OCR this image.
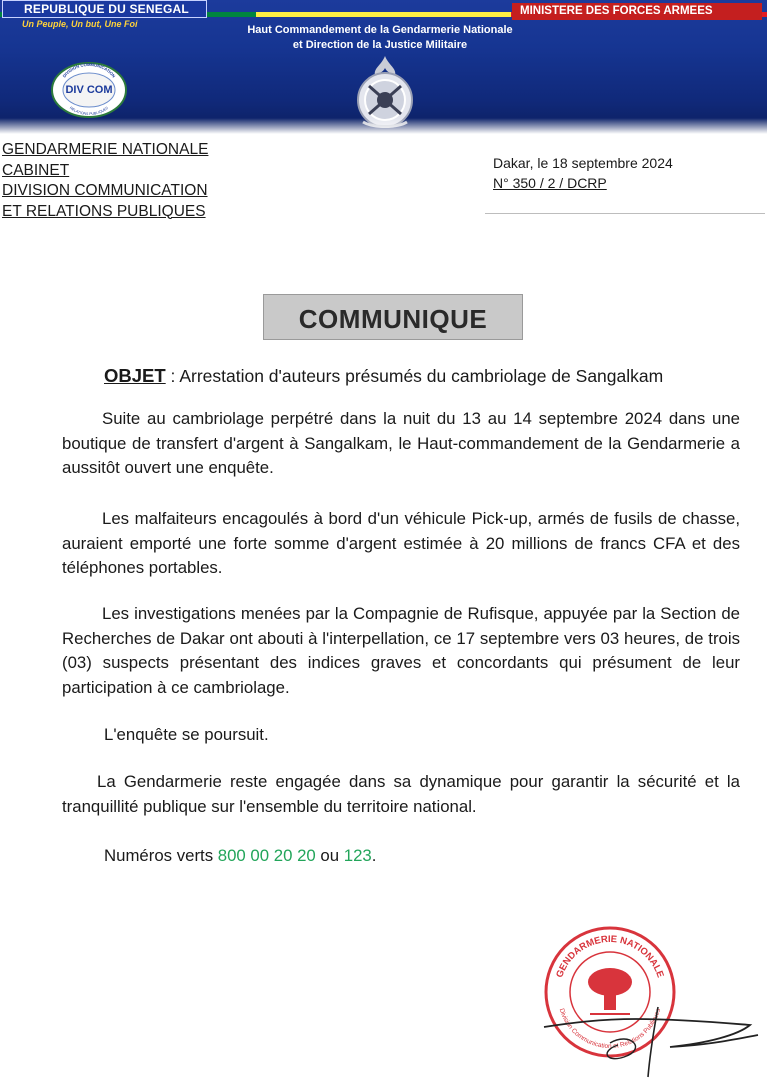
REPUBLIQUE DU SENEGAL
Un Peuple, Un but, Une Foi
MINISTERE DES FORCES ARMEES
Haut Commandement de la Gendarmerie Nationale
et Direction de la Justice Militaire
DIVISION COMMUNICATION
RELATIONS PUBLIQUES
DIV COM
GENDARMERIE NATIONALE
CABINET
DIVISION COMMUNICATION
ET RELATIONS PUBLIQUES
Dakar, le 18 septembre 2024
N° 350 / 2 / DCRP
COMMUNIQUE
OBJET : Arrestation d'auteurs présumés du cambriolage de Sangalkam

Suite au cambriolage perpétré dans la nuit du 13 au 14 septembre 2024 dans une boutique de transfert d'argent à Sangalkam, le Haut-commandement de la Gendarmerie a aussitôt ouvert une enquête.

Les malfaiteurs encagoulés à bord d'un véhicule Pick-up, armés de fusils de chasse, auraient emporté une forte somme d'argent estimée à 20 millions de francs CFA et des téléphones portables.

Les investigations menées par la Compagnie de Rufisque, appuyée par la Section de Recherches de Dakar ont abouti à l'interpellation, ce 17 septembre vers 03 heures, de trois (03) suspects présentant des indices graves et concordants qui présument de leur participation à ce cambriolage.

L'enquête se poursuit.

La Gendarmerie reste engagée dans sa dynamique pour garantir la sécurité et la tranquillité publique sur l'ensemble du territoire national.

Numéros verts 800 00 20 20 ou 123.

GENDARMERIE NATIONALE
Division Communication et Relations Publiques
